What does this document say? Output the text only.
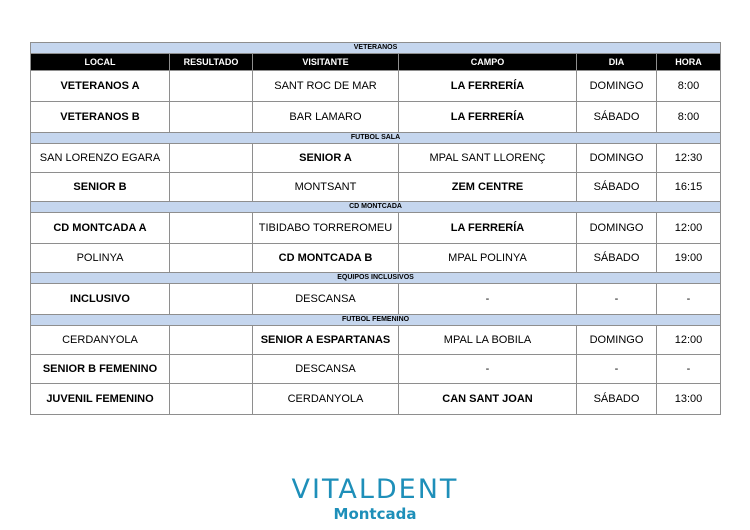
VETERANOS					
LOCAL	RESULTADO	VISITANTE	CAMPO	DIA	HORA
VETERANOS A		SANT ROC DE MAR	LA FERRERÍA	DOMINGO	8:00
VETERANOS B		BAR LAMARO	LA FERRERÍA	SÁBADO	8:00
FUTBOL SALA					
SAN LORENZO EGARA		SENIOR A	MPAL SANT LLORENÇ	DOMINGO	12:30
SENIOR B		MONTSANT	ZEM CENTRE	SÁBADO	16:15
CD MONTCADA					
CD MONTCADA A		TIBIDABO TORREROMEU	LA FERRERÍA	DOMINGO	12:00
POLINYA		CD MONTCADA B	MPAL POLINYA	SÁBADO	19:00
EQUIPOS INCLUSIVOS					
INCLUSIVO		DESCANSA	-	-	-
FUTBOL FEMENINO					
CERDANYOLA		SENIOR A ESPARTANAS	MPAL LA BOBILA	DOMINGO	12:00
SENIOR B FEMENINO		DESCANSA	-	-	-
JUVENIL FEMENINO		CERDANYOLA	CAN SANT JOAN	SÁBADO	13:00
VITALDENT
Montcada
